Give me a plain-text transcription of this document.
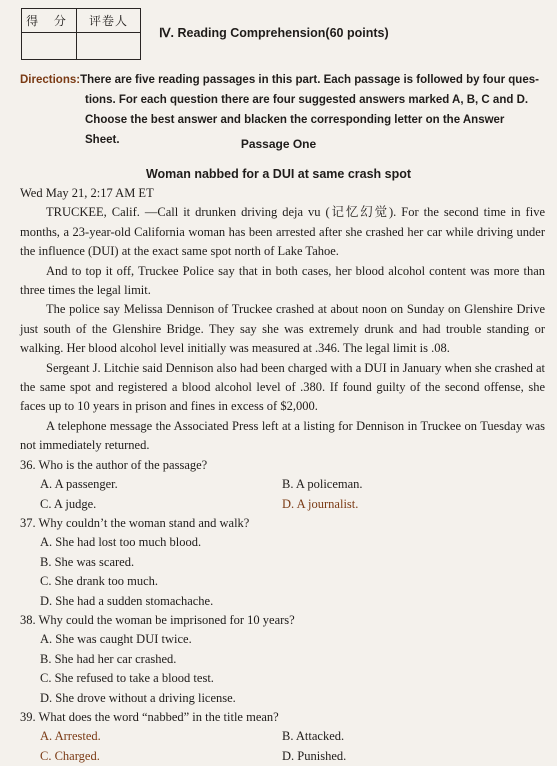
得 分	评卷人
Ⅳ. Reading Comprehension(60 points)
Directions:There are five reading passages in this part. Each passage is followed by four ques-
tions. For each question there are four suggested answers marked A, B, C and D.
Choose the best answer and blacken the corresponding letter on the Answer Sheet.	Passage One
Woman nabbed for a DUI at same crash spot

Wed May 21, 2:17 AM ET

TRUCKEE, Calif. —Call it drunken driving deja vu (记忆幻觉). For the second time in five months, a 23-year-old California woman has been arrested after she crashed her car while driving under the influence (DUI) at the exact same spot north of Lake Tahoe.

And to top it off, Truckee Police say that in both cases, her blood alcohol content was more than three times the legal limit.

The police say Melissa Dennison of Truckee crashed at about noon on Sunday on Glenshire Drive just south of the Glenshire Bridge. They say she was extremely drunk and had trouble standing or walking. Her blood alcohol level initially was measured at .346. The legal limit is .08.

Sergeant J. Litchie said Dennison also had been charged with a DUI in January when she crashed at the same spot and registered a blood alcohol level of .380. If found guilty of the second offense, she faces up to 10 years in prison and fines in excess of $2,000.

A telephone message the Associated Press left at a listing for Dennison in Truckee on Tuesday was not immediately returned.

36. Who is the author of the passage?

A. A passenger.	B. A policeman.
C. A judge.	D. A journalist.

37. Why couldn’t the woman stand and walk?

A. She had lost too much blood.
B. She was scared.
C. She drank too much.
D. She had a sudden stomachache.

38. Why could the woman be imprisoned for 10 years?

A. She was caught DUI twice.
B. She had her car crashed.
C. She refused to take a blood test.
D. She drove without a driving license.

39. What does the word “nabbed” in the title mean?

A. Arrested.	B. Attacked.
C. Charged.	D. Punished.
